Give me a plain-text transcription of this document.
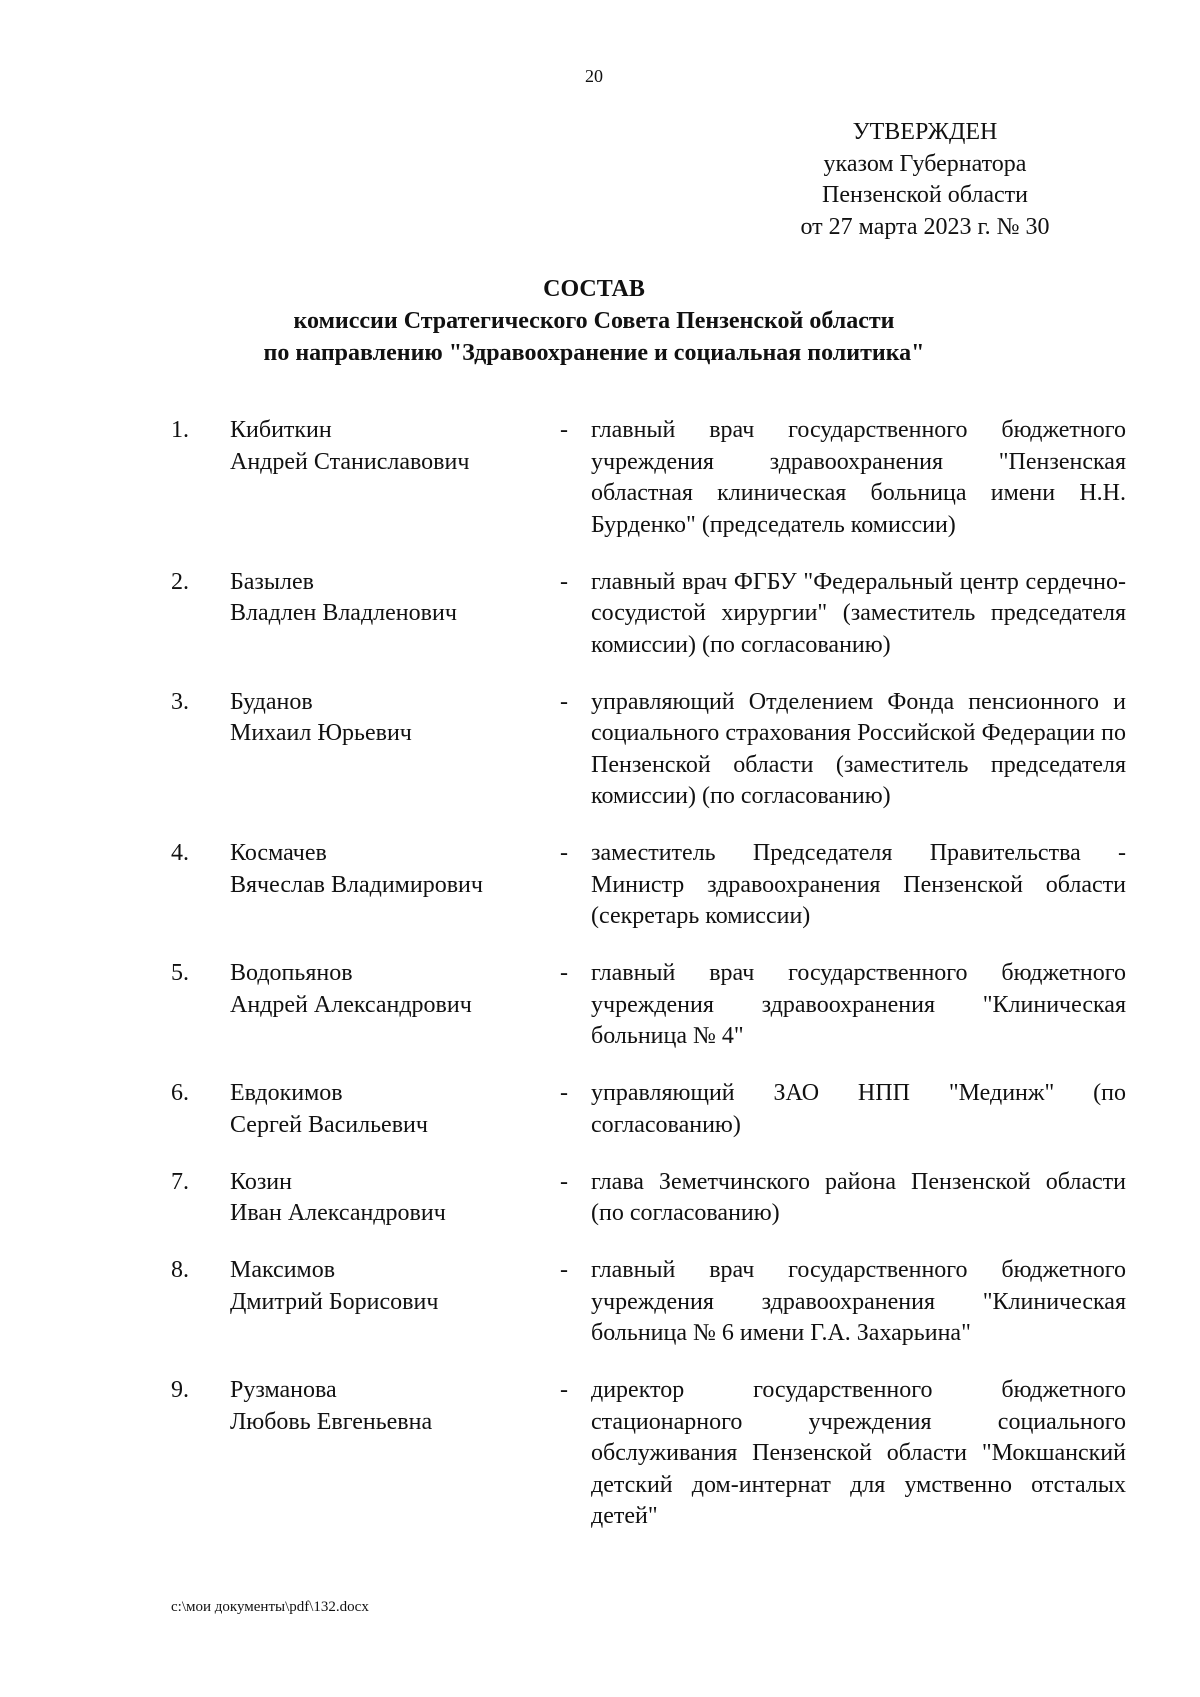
20
УТВЕРЖДЕН
указом Губернатора
Пензенской области
от 27 марта 2023 г. № 30
СОСТАВ
комиссии Стратегического Совета Пензенской области
по направлению "Здравоохранение и социальная политика"
1. Кибиткин
Андрей Станиславович
- главный врач государственного бюджетного учреждения здравоохранения "Пензенская областная клиническая больница имени Н.Н. Бурденко" (председатель комиссии)
2. Базылев
Владлен Владленович
- главный врач ФГБУ "Федеральный центр сердечно-сосудистой хирургии" (заместитель председателя комиссии) (по согласованию)
3. Буданов
Михаил Юрьевич
- управляющий Отделением Фонда пенсионного и социального страхования Российской Федерации по Пензенской области (заместитель председателя комиссии) (по согласованию)
4. Космачев
Вячеслав Владимирович
- заместитель Председателя Правительства - Министр здравоохранения Пензенской области (секретарь комиссии)
5. Водопьянов
Андрей Александрович
- главный врач государственного бюджетного учреждения здравоохранения "Клиническая больница № 4"
6. Евдокимов
Сергей Васильевич
- управляющий ЗАО НПП "Мединж" (по согласованию)
7. Козин
Иван Александрович
- глава Земетчинского района Пензенской области (по согласованию)
8. Максимов
Дмитрий Борисович
- главный врач государственного бюджетного учреждения здравоохранения "Клиническая больница № 6 имени Г.А. Захарьина"
9. Рузманова
Любовь Евгеньевна
- директор государственного бюджетного стационарного учреждения социального обслуживания Пензенской области "Мокшанский детский дом-интернат для умственно отсталых детей"
c:\мои документы\pdf\132.docx
